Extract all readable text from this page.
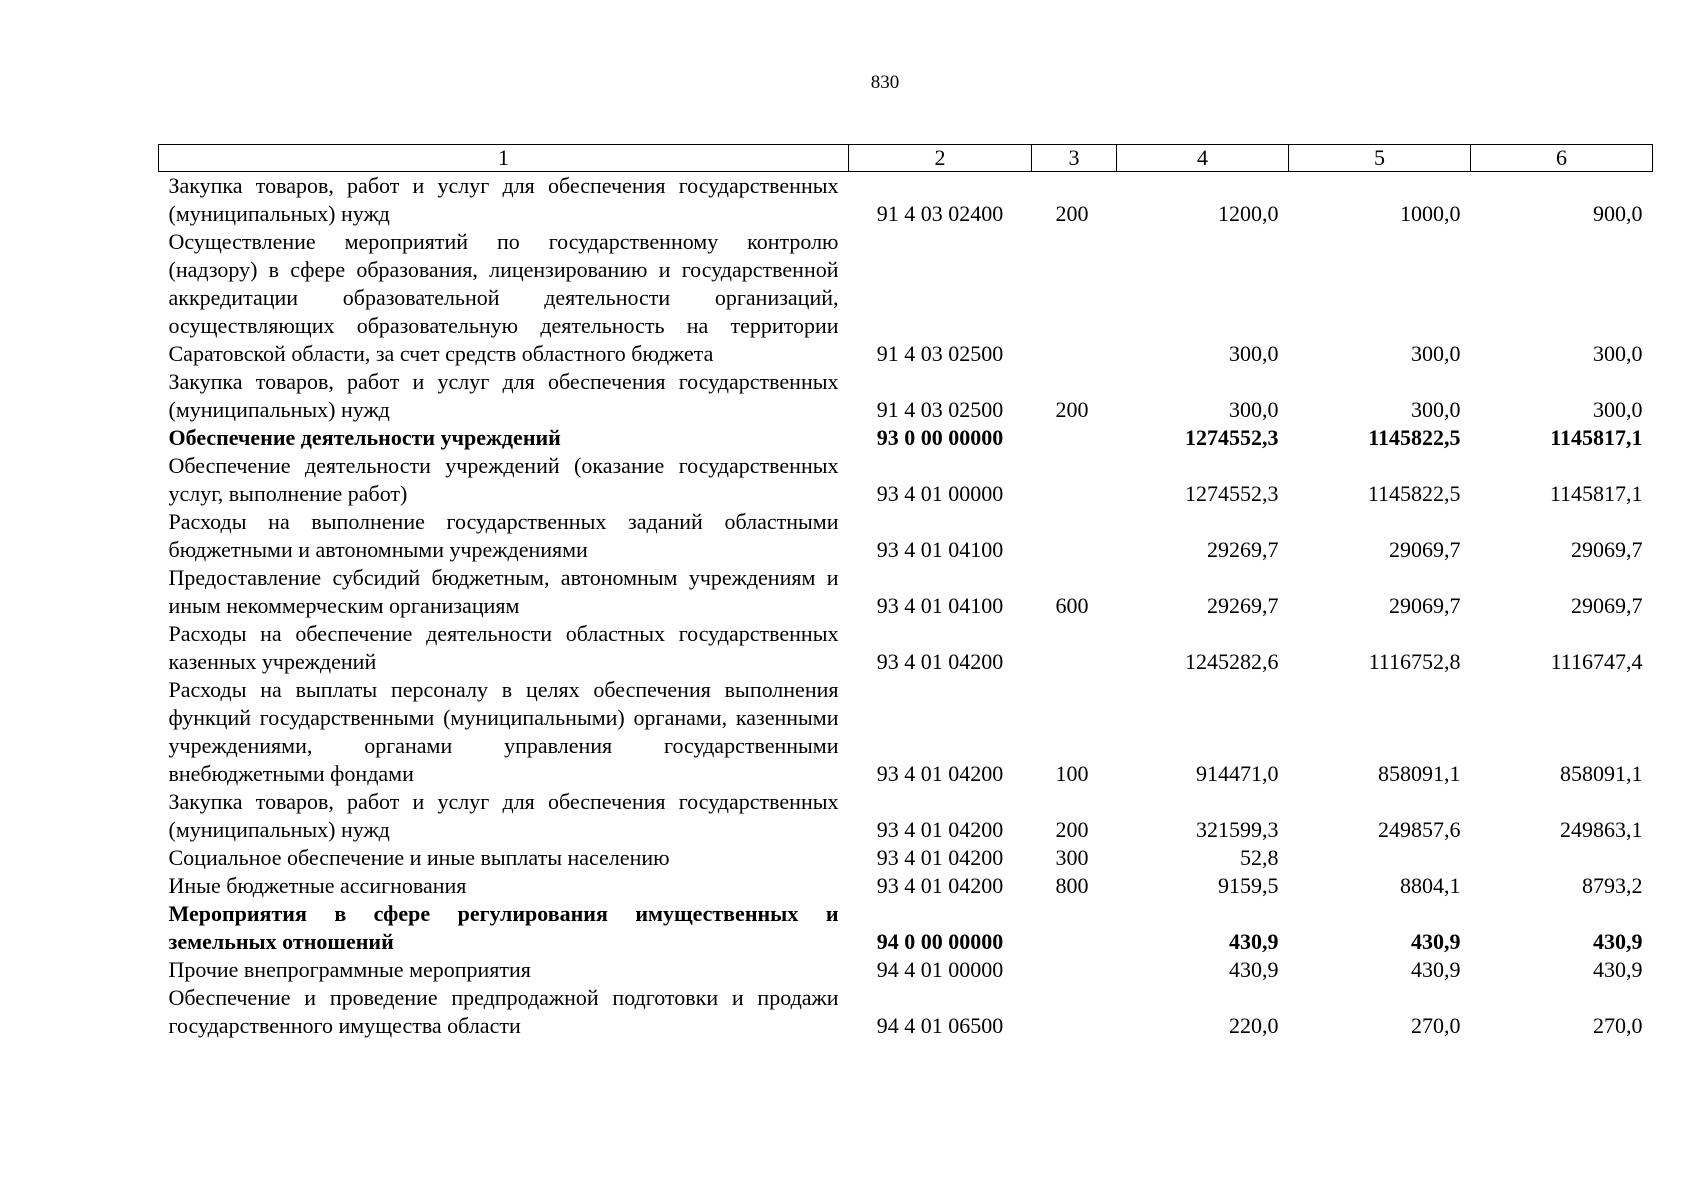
830
1	2	3	4	5	6
Закупка товаров, работ и услуг для обеспечения государственных (муниципальных) нужд	91 4 03 02400	200	1200,0	1000,0	900,0
Осуществление мероприятий по государственному контролю (надзору) в сфере образования, лицензированию и государственной аккредитации образовательной деятельности организаций, осуществляющих образовательную деятельность на территории Саратовской области, за счет средств областного бюджета	91 4 03 02500		300,0	300,0	300,0
Закупка товаров, работ и услуг для обеспечения государственных (муниципальных) нужд	91 4 03 02500	200	300,0	300,0	300,0
Обеспечение деятельности учреждений	93 0 00 00000		1274552,3	1145822,5	1145817,1
Обеспечение деятельности учреждений (оказание государственных услуг, выполнение работ)	93 4 01 00000		1274552,3	1145822,5	1145817,1
Расходы на выполнение государственных заданий областными бюджетными и автономными учреждениями	93 4 01 04100		29269,7	29069,7	29069,7
Предоставление субсидий бюджетным, автономным учреждениям и иным некоммерческим организациям	93 4 01 04100	600	29269,7	29069,7	29069,7
Расходы на обеспечение деятельности областных государственных казенных учреждений	93 4 01 04200		1245282,6	1116752,8	1116747,4
Расходы на выплаты персоналу в целях обеспечения выполнения функций государственными (муниципальными) органами, казенными учреждениями, органами управления государственными внебюджетными фондами	93 4 01 04200	100	914471,0	858091,1	858091,1
Закупка товаров, работ и услуг для обеспечения государственных (муниципальных) нужд	93 4 01 04200	200	321599,3	249857,6	249863,1
Социальное обеспечение и иные выплаты населению	93 4 01 04200	300	52,8		
Иные бюджетные ассигнования	93 4 01 04200	800	9159,5	8804,1	8793,2
Мероприятия в сфере регулирования имущественных и земельных отношений	94 0 00 00000		430,9	430,9	430,9
Прочие внепрограммные мероприятия	94 4 01 00000		430,9	430,9	430,9
Обеспечение и проведение предпродажной подготовки и продажи государственного имущества области	94 4 01 06500		220,0	270,0	270,0
